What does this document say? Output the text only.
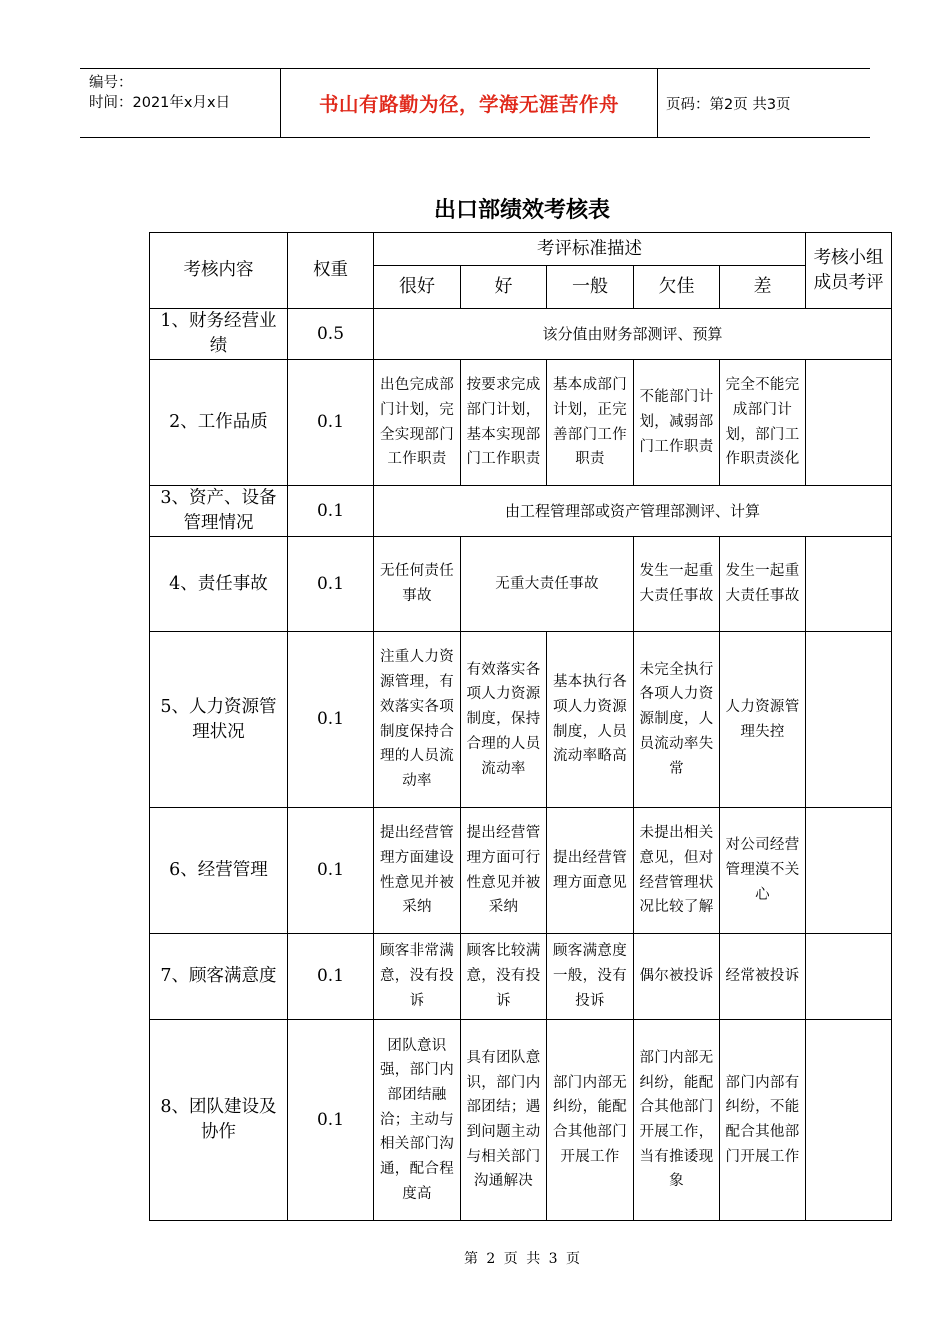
编号：
时间：2021年x月x日	书山有路勤为径，学海无涯苦作舟	页码：第2页 共3页
出口部绩效考核表
考核内容	权重	考评标准描述					考核小组成员考评
		很好	好	一般	欠佳	差	
1、财务经营业绩	0.5	该分值由财务部测评、预算					
2、工作品质	0.1	出色完成部门计划，完全实现部门工作职责	按要求完成部门计划，基本实现部门工作职责	基本成部门计划，正完善部门工作职责	不能部门计划，减弱部门工作职责	完全不能完成部门计划，部门工作职责淡化	
3、资产、设备管理情况	0.1	由工程管理部或资产管理部测评、计算					
4、责任事故	0.1	无任何责任事故	无重大责任事故		发生一起重大责任事故	发生一起重大责任事故	
5、人力资源管理状况	0.1	注重人力资源管理，有效落实各项制度保持合理的人员流动率	有效落实各项人力资源制度，保持合理的人员流动率	基本执行各项人力资源制度，人员流动率略高	未完全执行各项人力资源制度，人员流动率失常	人力资源管理失控	
6、经营管理	0.1	提出经营管理方面建设性意见并被采纳	提出经营管理方面可行性意见并被采纳	提出经营管理方面意见	未提出相关意见，但对经营管理状况比较了解	对公司经营管理漠不关心	
7、顾客满意度	0.1	顾客非常满意，没有投诉	顾客比较满意，没有投诉	顾客满意度一般，没有投诉	偶尔被投诉	经常被投诉	
8、团队建设及协作	0.1	团队意识强，部门内部团结融洽；主动与相关部门沟通，配合程度高	具有团队意识，部门内部团结；遇到问题主动与相关部门沟通解决	部门内部无纠纷，能配合其他部门开展工作	部门内部无纠纷，能配合其他部门开展工作，当有推诿现象	部门内部有纠纷，不能配合其他部门开展工作	
第 2 页 共 3 页
